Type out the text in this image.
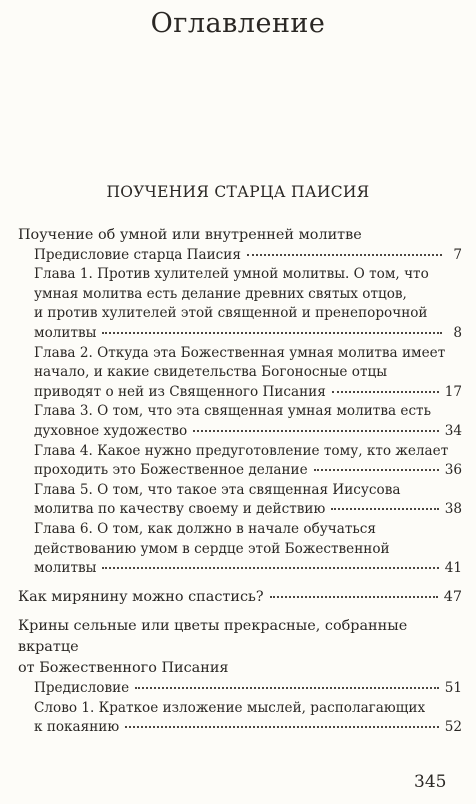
Оглавление
ПОУЧЕНИЯ СТАРЦА ПАИСИЯ
Поучение об умной или внутренней молитве
Предисловие старца Паисия	7
Глава 1. Против хулителей умной молитвы. О том, что
умная молитва есть делание древних святых отцов,
и против хулителей этой священной и пренепорочной
молитвы	8
Глава 2. Откуда эта Божественная умная молитва имеет
начало, и какие свидетельства Богоносные отцы
приводят о ней из Священного Писания	17
Глава 3. О том, что эта священная умная молитва есть
духовное художество	34
Глава 4. Какое нужно предуготовление тому, кто желает
проходить это Божественное делание	36
Глава 5. О том, что такое эта священная Иисусова
молитва по качеству своему и действию	38
Глава 6. О том, как должно в начале обучаться
действованию умом в сердце этой Божественной
молитвы	41
Как мирянину можно спастись?	47
Крины сельные или цветы прекрасные, собранные вкратце
от Божественного Писания
Предисловие	51
Слово 1. Краткое изложение мыслей, располагающих
к покаянию	52
345
